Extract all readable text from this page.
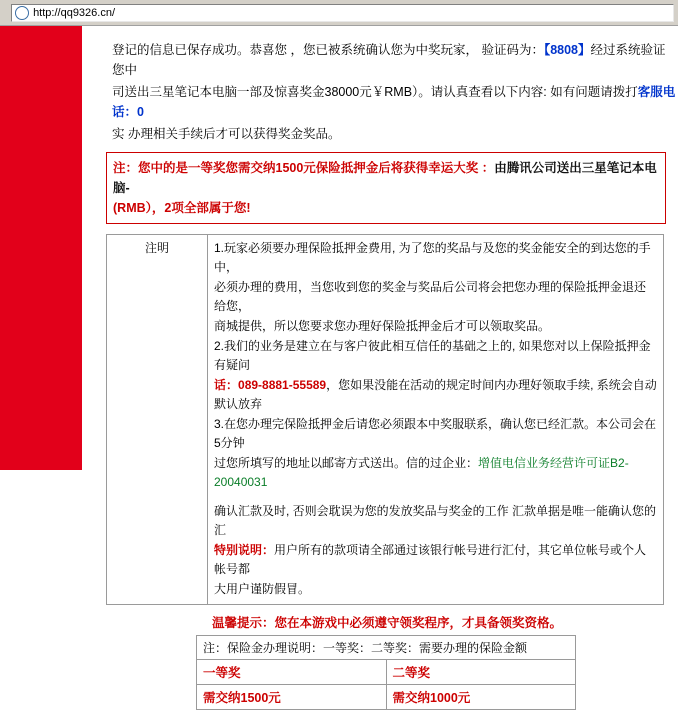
http://qq9326.cn/

登记的信息已保存成功。恭喜您 ，您已被系统确认您为中奖玩家， 验证码为：【8808】经过系统验证您中

司送出三星笔记本电脑一部及惊喜奖金38000元￥RMB）。请认真查看以下内容: 如有问题请拨打客服电话：0

实 办理相关手续后才可以获得奖金奖品。

注：您中的是一等奖您需交纳1500元保险抵押金后将获得幸运大奖 ：由腾讯公司送出三星笔记本电脑-
(RMB），2项全部属于您!
注明	1.玩家必须要办理保险抵押金费用, 为了您的奖品与及您的奖金能安全的到达您的手中，
必须办理的费用，当您收到您的奖金与奖品后公司将会把您办理的保险抵押金退还给您，
商城提供，所以您要求您办理好保险抵押金后才可以领取奖品。
2.我们的业务是建立在与客户彼此相互信任的基础之上的, 如果您对以上保险抵押金有疑问
话：089-8881-55589，您如果没能在活动的规定时间内办理好领取手续, 系统会自动默认放弃
3.在您办理完保险抵押金后请您必须跟本中奖服联系，确认您已经汇款。本公司会在5分钟
过您所填写的地址以邮寄方式送出。信的过企业：增值电信业务经营许可证B2-20040031
确认汇款及时, 否则会耽误为您的发放奖品与奖金的工作 汇款单据是唯一能确认您的汇
特别说明：用户所有的款项请全部通过该银行帐号进行汇付，其它单位帐号或个人帐号都
大用户谨防假冒。
温馨提示：您在本游戏中必须遵守领奖程序，才具备领奖资格。
注：保险金办理说明：一等奖：二等奖：需要办理的保险金额	
一等奖	二等奖
需交纳1500元	需交纳1000元
